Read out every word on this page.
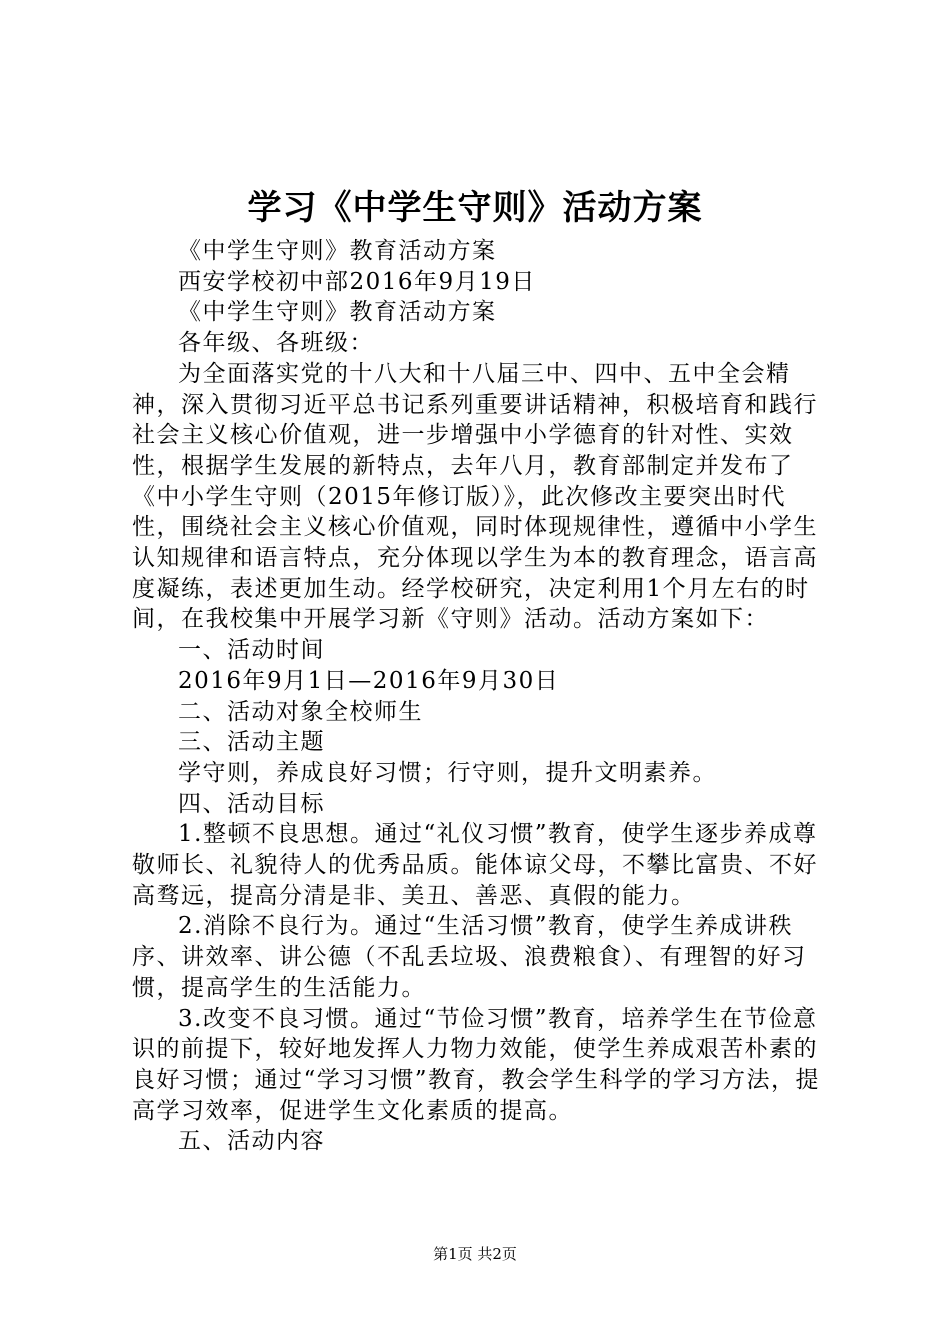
学习《中学生守则》活动方案

《中学生守则》教育活动方案

西安学校初中部2016年9月19日

《中学生守则》教育活动方案

各年级、各班级：

为全面落实党的十八大和十八届三中、四中、五中全会精神，深入贯彻习近平总书记系列重要讲话精神，积极培育和践行社会主义核心价值观，进一步增强中小学德育的针对性、实效性，根据学生发展的新特点，去年八月，教育部制定并发布了《中小学生守则（2015年修订版）》，此次修改主要突出时代性，围绕社会主义核心价值观，同时体现规律性，遵循中小学生认知规律和语言特点，充分体现以学生为本的教育理念，语言高度凝练，表述更加生动。经学校研究，决定利用1个月左右的时间，在我校集中开展学习新《守则》活动。活动方案如下：

一、活动时间

2016年9月1日—2016年9月30日

二、活动对象全校师生

三、活动主题

学守则，养成良好习惯；行守则，提升文明素养。

四、活动目标

1.整顿不良思想。通过“礼仪习惯”教育，使学生逐步养成尊敬师长、礼貌待人的优秀品质。能体谅父母，不攀比富贵、不好高骛远，提高分清是非、美丑、善恶、真假的能力。

2.消除不良行为。通过“生活习惯”教育，使学生养成讲秩序、讲效率、讲公德（不乱丢垃圾、浪费粮食）、有理智的好习惯，提高学生的生活能力。

3.改变不良习惯。通过“节俭习惯”教育，培养学生在节俭意识的前提下，较好地发挥人力物力效能，使学生养成艰苦朴素的良好习惯；通过“学习习惯”教育，教会学生科学的学习方法，提高学习效率，促进学生文化素质的提高。

五、活动内容

第1页 共2页
